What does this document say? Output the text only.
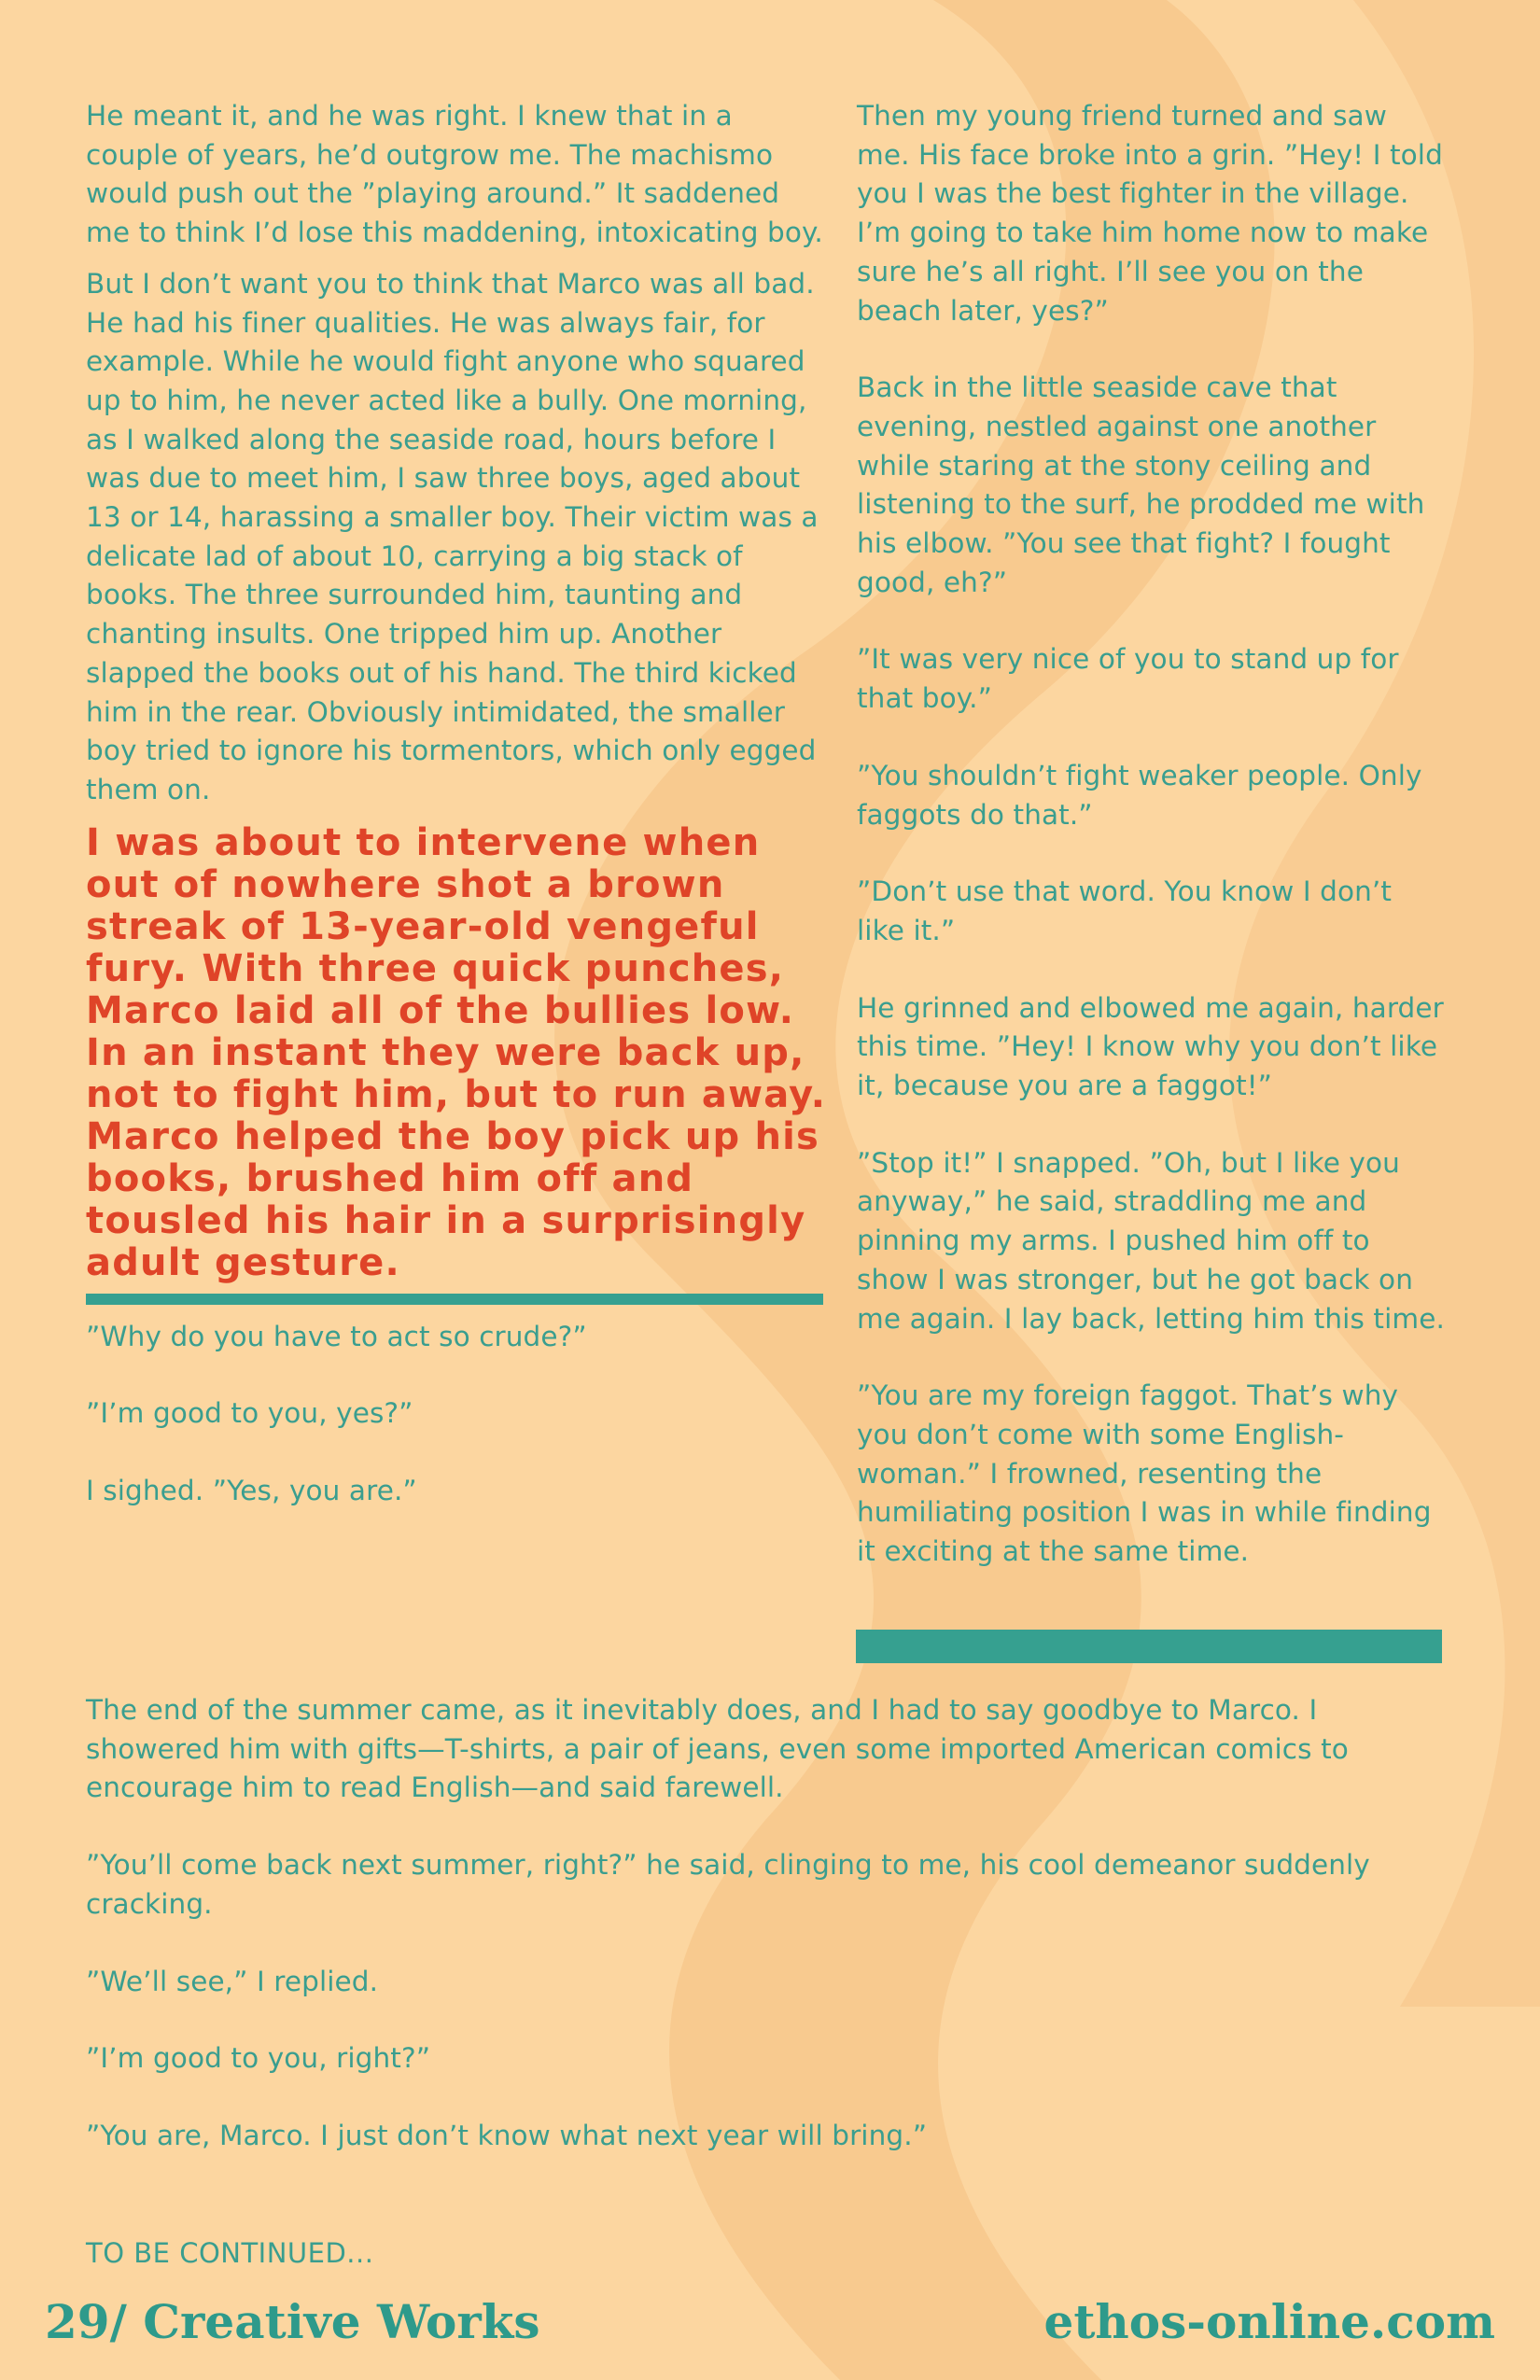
He meant it, and he was right. I knew that in a couple of years, he’d outgrow me. The machismo would push out the ”playing around.” It saddened me to think I’d lose this maddening, intoxicating boy.

But I don’t want you to think that Marco was all bad. He had his finer qualities. He was always fair, for example. While he would fight anyone who squared up to him, he never acted like a bully. One morning, as I walked along the seaside road, hours before I was due to meet him, I saw three boys, aged about 13 or 14, harassing a smaller boy. Their victim was a delicate lad of about 10, carrying a big stack of books. The three surrounded him, taunting and chanting insults. One tripped him up. Another slapped the books out of his hand. The third kicked him in the rear. Obviously intimidated, the smaller boy tried to ignore his tormentors, which only egged them on.

I was about to intervene when out of nowhere shot a brown streak of 13-year-old vengeful fury. With three quick punches, Marco laid all of the bullies low. In an instant they were back up, not to fight him, but to run away. Marco helped the boy pick up his books, brushed him off and tousled his hair in a surprisingly adult gesture.

”Why do you have to act so crude?”

”I’m good to you, yes?”

I sighed. ”Yes, you are.”

Then my young friend turned and saw me. His face broke into a grin. ”Hey! I told you I was the best fighter in the village. I’m going to take him home now to make sure he’s all right. I’ll see you on the beach later, yes?”

Back in the little seaside cave that evening, nestled against one another while staring at the stony ceiling and listening to the surf, he prodded me with his elbow. ”You see that fight? I fought good, eh?”

”It was very nice of you to stand up for that boy.”

”You shouldn’t fight weaker people. Only faggots do that.”

”Don’t use that word. You know I don’t like it.”

He grinned and elbowed me again, harder this time. ”Hey! I know why you don’t like it, because you are a faggot!”

”Stop it!” I snapped. ”Oh, but I like you anyway,” he said, straddling me and pinning my arms. I pushed him off to show I was stronger, but he got back on me again. I lay back, letting him this time.

”You are my foreign faggot. That’s why you don’t come with some English-woman.” I frowned, resenting the humiliating position I was in while finding it exciting at the same time.

The end of the summer came, as it inevitably does, and I had to say goodbye to Marco. I showered him with gifts—T-shirts, a pair of jeans, even some imported American comics to encourage him to read English—and said farewell.

”You’ll come back next summer, right?” he said, clinging to me, his cool demeanor suddenly cracking.

”We’ll see,” I replied.

”I’m good to you, right?”

”You are, Marco. I just don’t know what next year will bring.”

TO BE CONTINUED...
29/ Creative Works	ethos-online.com
